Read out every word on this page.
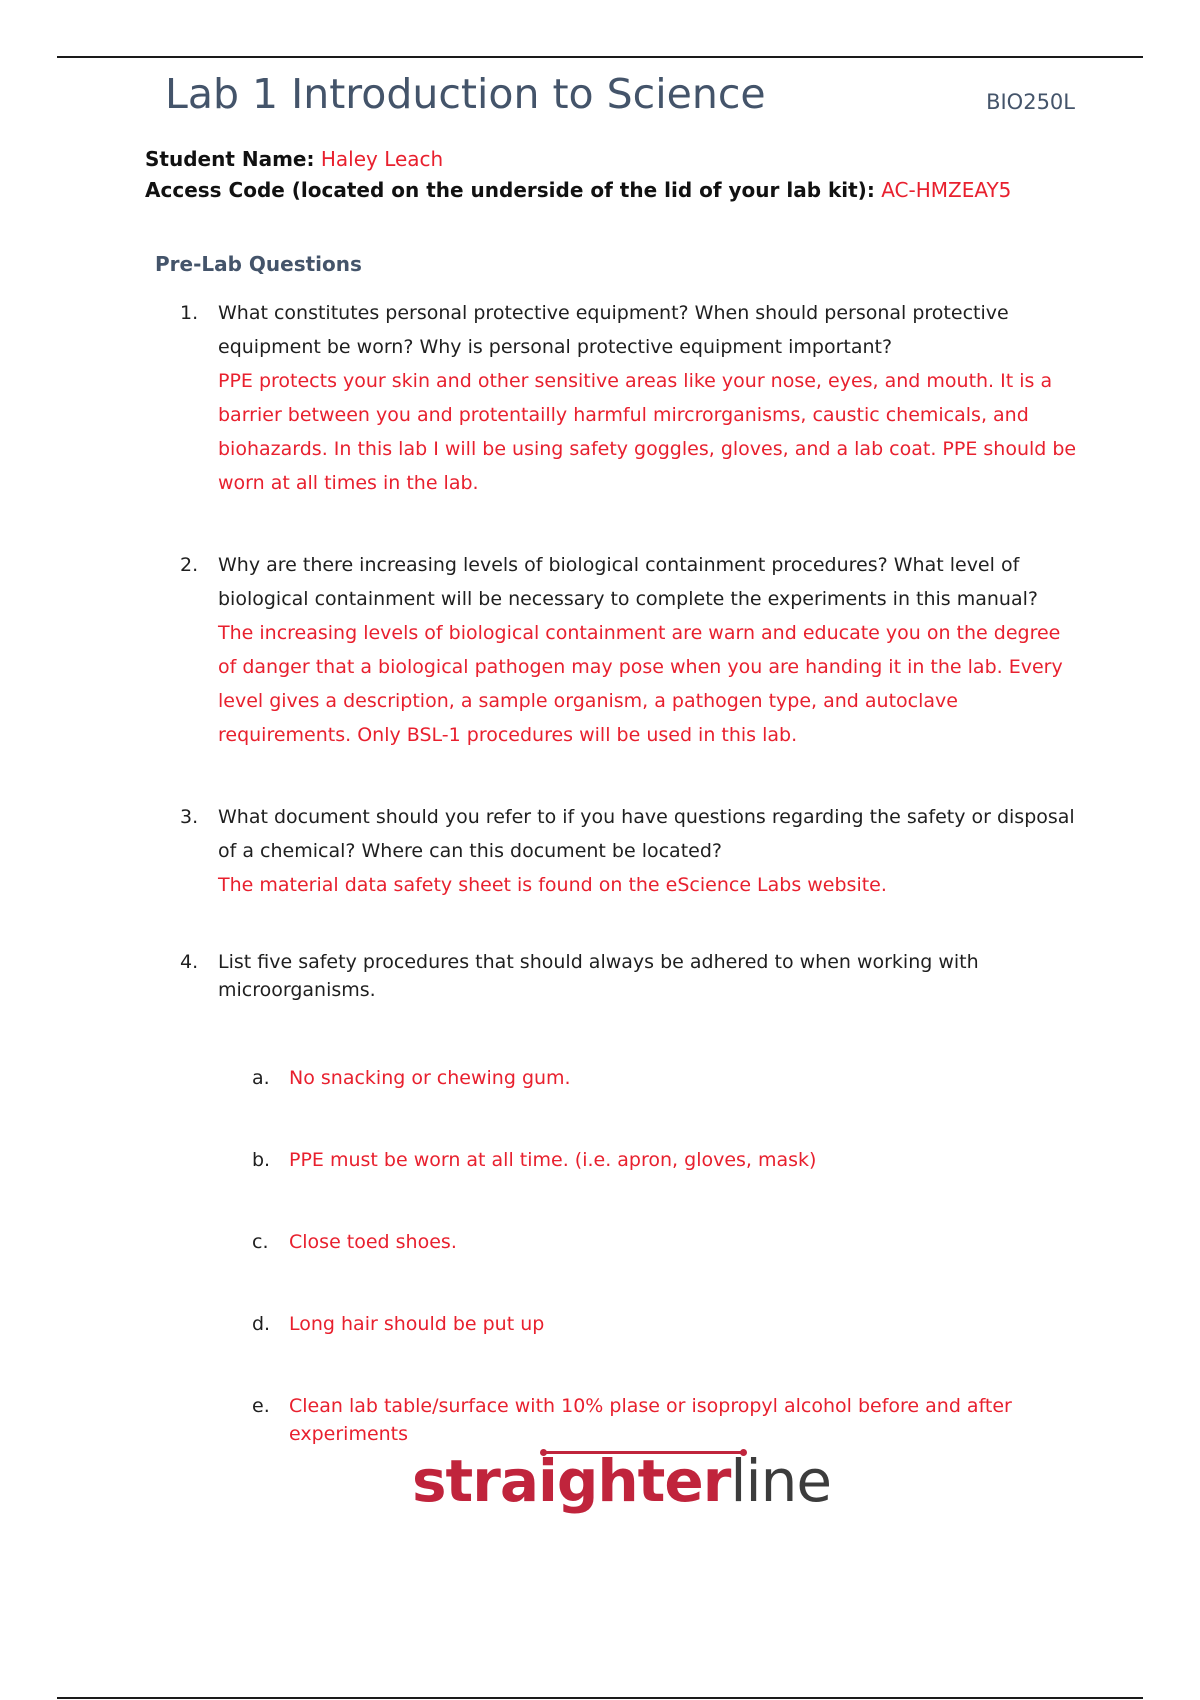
Lab 1 Introduction to Science	BIO250L
Student Name: Haley Leach
Access Code (located on the underside of the lid of your lab kit): AC-HMZEAY5
Pre-Lab Questions
1. What constitutes personal protective equipment? When should personal protective equipment be worn? Why is personal protective equipment important?
PPE protects your skin and other sensitive areas like your nose, eyes, and mouth. It is a barrier between you and protentailly harmful mircrorganisms, caustic chemicals, and biohazards. In this lab I will be using safety goggles, gloves, and a lab coat. PPE should be worn at all times in the lab.
2. Why are there increasing levels of biological containment procedures? What level of biological containment will be necessary to complete the experiments in this manual?
The increasing levels of biological containment are warn and educate you on the degree of danger that a biological pathogen may pose when you are handing it in the lab. Every level gives a description, a sample organism, a pathogen type, and autoclave requirements. Only BSL-1 procedures will be used in this lab.
3. What document should you refer to if you have questions regarding the safety or disposal of a chemical? Where can this document be located?
The material data safety sheet is found on the eScience Labs website.
4. List five safety procedures that should always be adhered to when working with microorganisms.
a. No snacking or chewing gum.
b. PPE must be worn at all time. (i.e. apron, gloves, mask)
c. Close toed shoes.
d. Long hair should be put up
e. Clean lab table/surface with 10% plase or isopropyl alcohol before and after experiments
straighterline
